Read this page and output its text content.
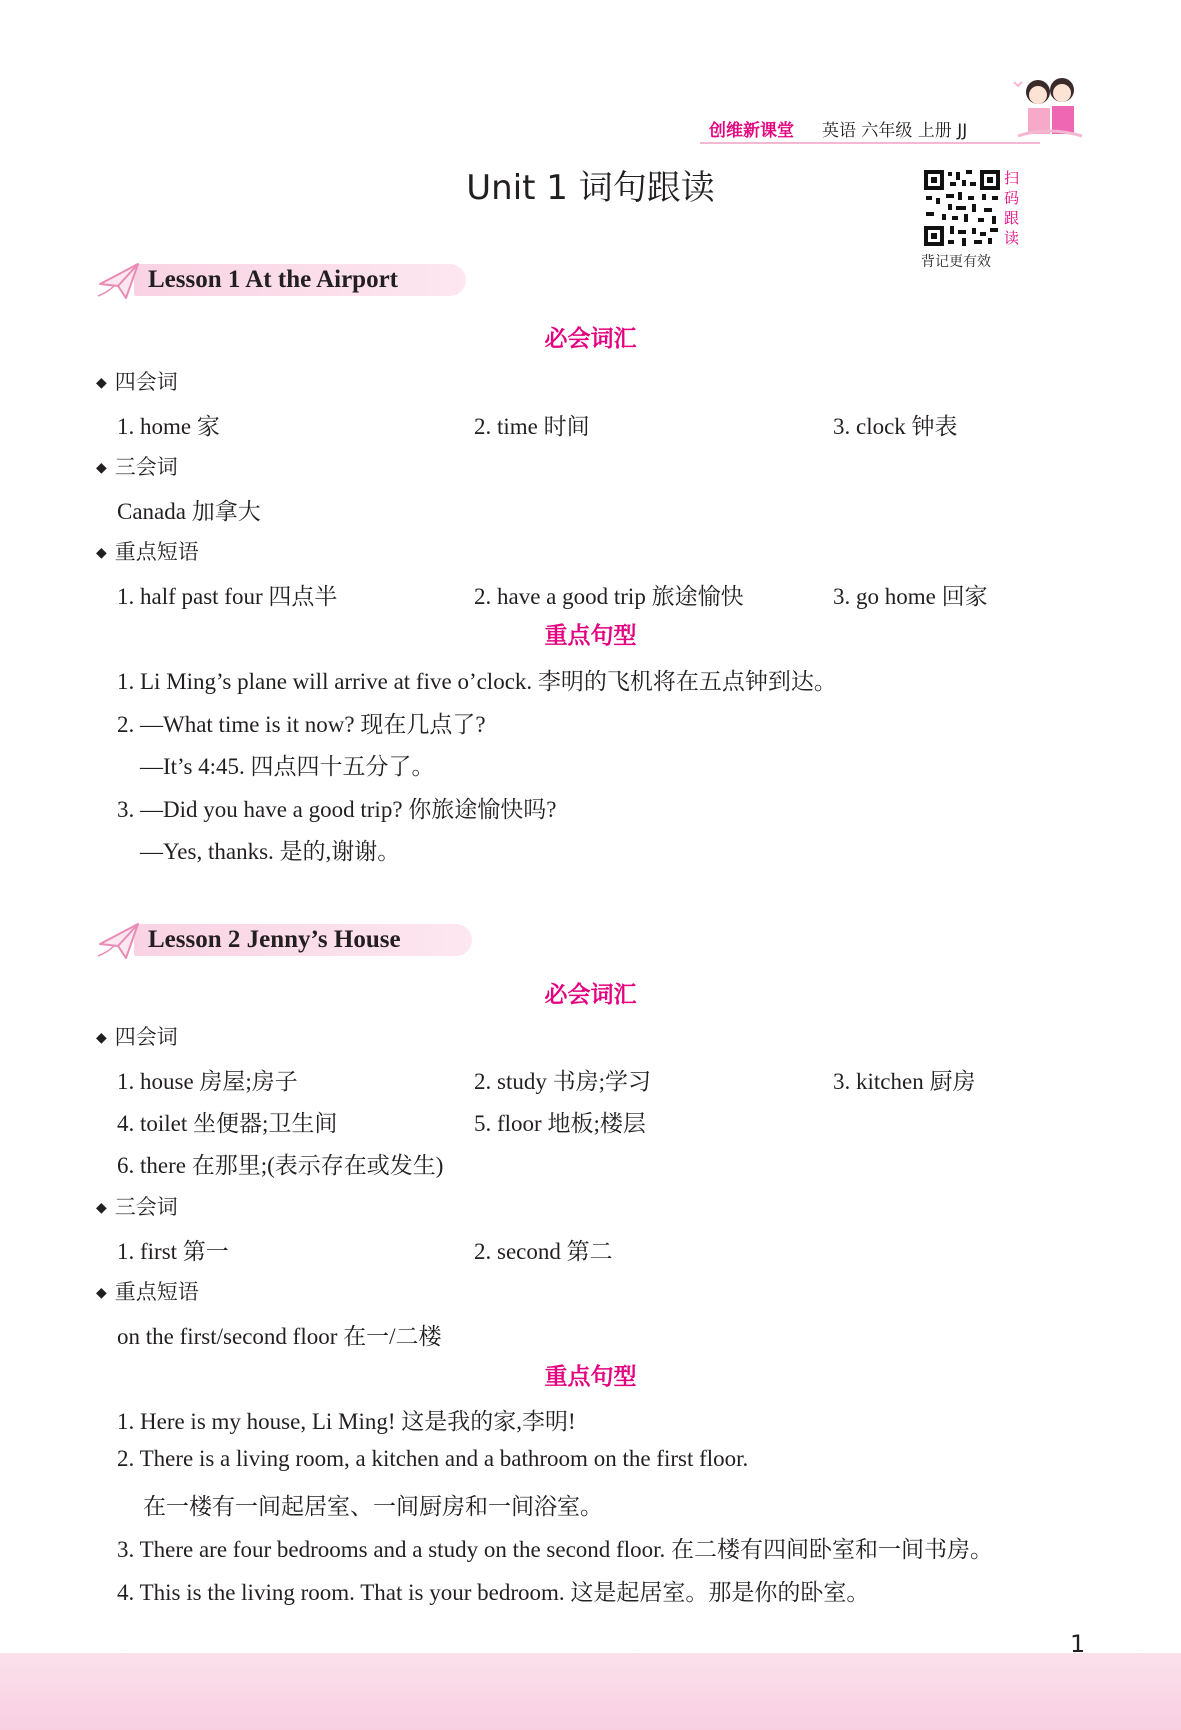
创维新课堂 英语 六年级 上册 JJ
Unit 1 词句跟读	扫码跟读
背记更有效
Lesson 1 At the Airport
必会词汇
◆ 四会词
1. home 家	2. time 时间	3. clock 钟表
◆ 三会词
Canada 加拿大
◆ 重点短语
1. half past four 四点半	2. have a good trip 旅途愉快	3. go home 回家
重点句型
1. Li Ming’s plane will arrive at five o’clock. 李明的飞机将在五点钟到达。
2. —What time is it now? 现在几点了?
—It’s 4:45. 四点四十五分了。
3. —Did you have a good trip? 你旅途愉快吗?
—Yes, thanks. 是的,谢谢。
Lesson 2 Jenny’s House
必会词汇
◆ 四会词
1. house 房屋;房子	2. study 书房;学习	3. kitchen 厨房
4. toilet 坐便器;卫生间	5. floor 地板;楼层
6. there 在那里;(表示存在或发生)
◆ 三会词
1. first 第一	2. second 第二
◆ 重点短语
on the first/second floor 在一/二楼
重点句型
1. Here is my house, Li Ming! 这是我的家,李明!
2. There is a living room, a kitchen and a bathroom on the first floor.
在一楼有一间起居室、一间厨房和一间浴室。
3. There are four bedrooms and a study on the second floor. 在二楼有四间卧室和一间书房。
4. This is the living room. That is your bedroom. 这是起居室。那是你的卧室。
1
